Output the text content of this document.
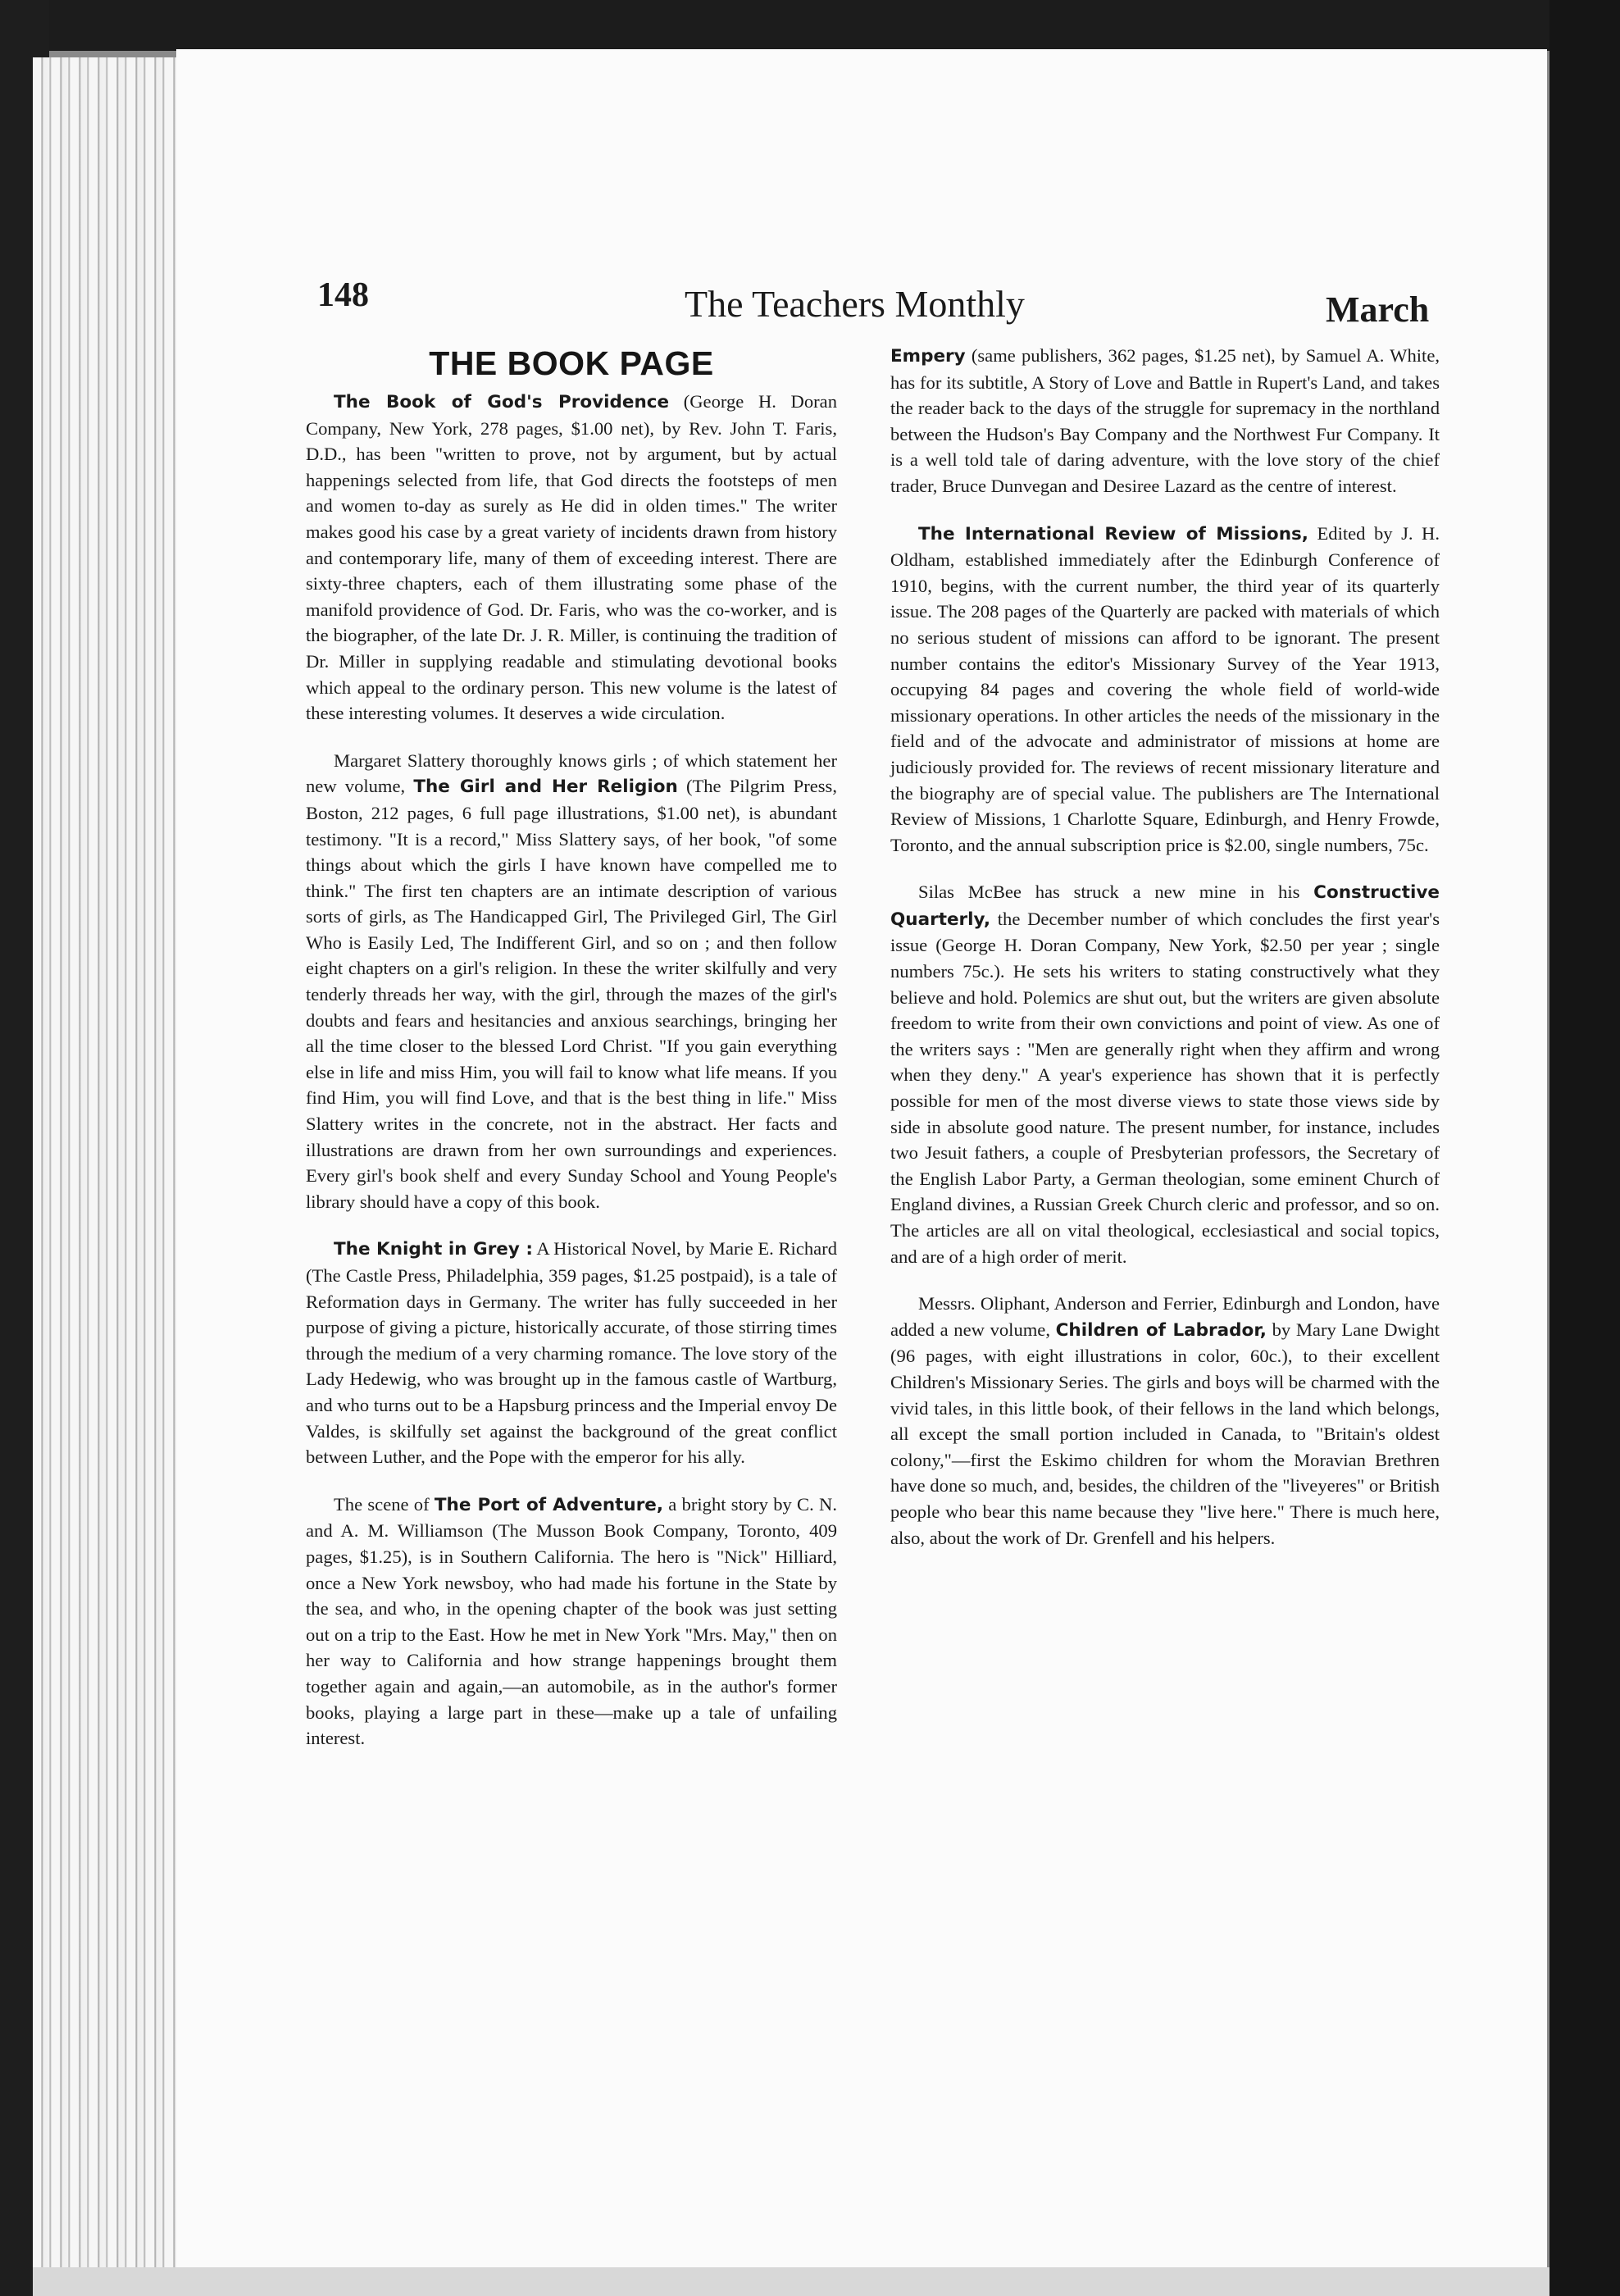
148	The Teachers Monthly	March
THE BOOK PAGE

The Book of God's Providence (George H. Doran Company, New York, 278 pages, $1.00 net), by Rev. John T. Faris, D.D., has been "written to prove, not by argument, but by actual happenings selected from life, that God directs the footsteps of men and women to-day as surely as He did in olden times." The writer makes good his case by a great variety of incidents drawn from history and contemporary life, many of them of exceeding interest. There are sixty-three chapters, each of them illustrating some phase of the manifold providence of God. Dr. Faris, who was the co-worker, and is the biographer, of the late Dr. J. R. Miller, is continuing the tradition of Dr. Miller in supplying readable and stimulating devotional books which appeal to the ordinary person. This new volume is the latest of these interesting volumes. It deserves a wide circulation.

Margaret Slattery thoroughly knows girls ; of which statement her new volume, The Girl and Her Religion (The Pilgrim Press, Boston, 212 pages, 6 full page illustrations, $1.00 net), is abundant testimony. "It is a record," Miss Slattery says, of her book, "of some things about which the girls I have known have compelled me to think." The first ten chapters are an intimate description of various sorts of girls, as The Handicapped Girl, The Privileged Girl, The Girl Who is Easily Led, The Indifferent Girl, and so on ; and then follow eight chapters on a girl's religion. In these the writer skilfully and very tenderly threads her way, with the girl, through the mazes of the girl's doubts and fears and hesitancies and anxious searchings, bringing her all the time closer to the blessed Lord Christ. "If you gain everything else in life and miss Him, you will fail to know what life means. If you find Him, you will find Love, and that is the best thing in life." Miss Slattery writes in the concrete, not in the abstract. Her facts and illustrations are drawn from her own surroundings and experiences. Every girl's book shelf and every Sunday School and Young People's library should have a copy of this book.

The Knight in Grey : A Historical Novel, by Marie E. Richard (The Castle Press, Philadelphia, 359 pages, $1.25 postpaid), is a tale of Reformation days in Germany. The writer has fully succeeded in her purpose of giving a picture, historically accurate, of those stirring times through the medium of a very charming romance. The love story of the Lady Hedewig, who was brought up in the famous castle of Wartburg, and who turns out to be a Hapsburg princess and the Imperial envoy De Valdes, is skilfully set against the background of the great conflict between Luther, and the Pope with the emperor for his ally.

The scene of The Port of Adventure, a bright story by C. N. and A. M. Williamson (The Musson Book Company, Toronto, 409 pages, $1.25), is in Southern California. The hero is "Nick" Hilliard, once a New York newsboy, who had made his fortune in the State by the sea, and who, in the opening chapter of the book was just setting out on a trip to the East. How he met in New York "Mrs. May," then on her way to California and how strange happenings brought them together again and again,—an automobile, as in the author's former books, playing a large part in these—make up a tale of unfailing interest.

Empery (same publishers, 362 pages, $1.25 net), by Samuel A. White, has for its subtitle, A Story of Love and Battle in Rupert's Land, and takes the reader back to the days of the struggle for supremacy in the northland between the Hudson's Bay Company and the Northwest Fur Company. It is a well told tale of daring adventure, with the love story of the chief trader, Bruce Dunvegan and Desiree Lazard as the centre of interest.

The International Review of Missions, Edited by J. H. Oldham, established immediately after the Edinburgh Conference of 1910, begins, with the current number, the third year of its quarterly issue. The 208 pages of the Quarterly are packed with materials of which no serious student of missions can afford to be ignorant. The present number contains the editor's Missionary Survey of the Year 1913, occupying 84 pages and covering the whole field of world-wide missionary operations. In other articles the needs of the missionary in the field and of the advocate and administrator of missions at home are judiciously provided for. The reviews of recent missionary literature and the biography are of special value. The publishers are The International Review of Missions, 1 Charlotte Square, Edinburgh, and Henry Frowde, Toronto, and the annual subscription price is $2.00, single numbers, 75c.

Silas McBee has struck a new mine in his Constructive Quarterly, the December number of which concludes the first year's issue (George H. Doran Company, New York, $2.50 per year ; single numbers 75c.). He sets his writers to stating constructively what they believe and hold. Polemics are shut out, but the writers are given absolute freedom to write from their own convictions and point of view. As one of the writers says : "Men are generally right when they affirm and wrong when they deny." A year's experience has shown that it is perfectly possible for men of the most diverse views to state those views side by side in absolute good nature. The present number, for instance, includes two Jesuit fathers, a couple of Presbyterian professors, the Secretary of the English Labor Party, a German theologian, some eminent Church of England divines, a Russian Greek Church cleric and professor, and so on. The articles are all on vital theological, ecclesiastical and social topics, and are of a high order of merit.

Messrs. Oliphant, Anderson and Ferrier, Edinburgh and London, have added a new volume, Children of Labrador, by Mary Lane Dwight (96 pages, with eight illustrations in color, 60c.), to their excellent Children's Missionary Series. The girls and boys will be charmed with the vivid tales, in this little book, of their fellows in the land which belongs, all except the small portion included in Canada, to "Britain's oldest colony,"—first the Eskimo children for whom the Moravian Brethren have done so much, and, besides, the children of the "liveyeres" or British people who bear this name because they "live here." There is much here, also, about the work of Dr. Grenfell and his helpers.
